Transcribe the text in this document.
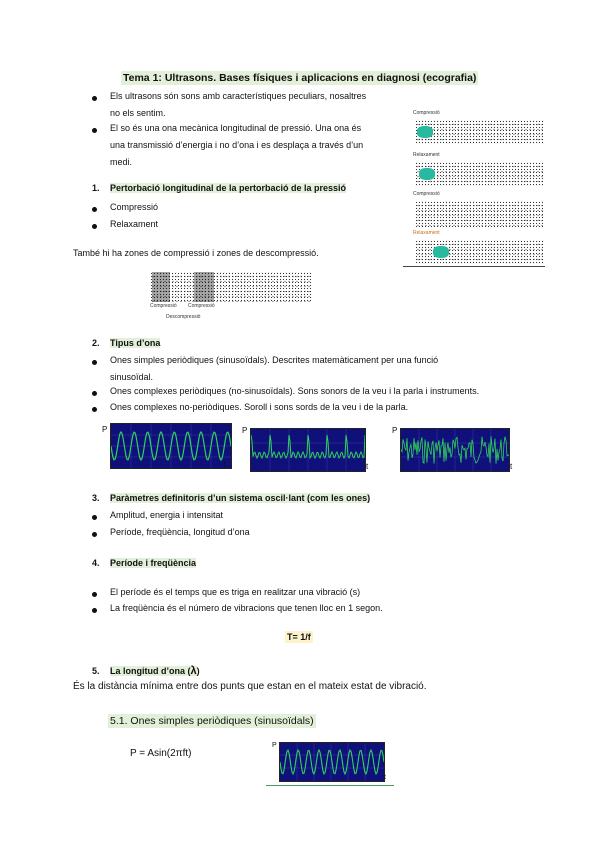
Tema 1: Ultrasons. Bases físiques i aplicacions en diagnosi (ecografia)
Els ultrasons són sons amb característiques peculiars, nosaltres
no els sentim.
El so és una ona mecànica longitudinal de pressió. Una ona és
una transmissió d’energia i no d’ona i es desplaça a través d’un
medi.
Compressió
Relaxament
Compressió
Relaxament
1. Pertorbació longitudinal de la pertorbació de la pressió
Compressió
Relaxament
També hi ha zones de compressió i zones de descompressió.
Compressió Compressió
Descompressió
2. Tipus d’ona
Ones simples periòdiques (sinusoïdals). Descrites matemàticament per una funció
sinusoïdal.
Ones complexes periòdiques (no-sinusoïdals). Sons sonors de la veu i la parla i instruments.
Ones complexes no-periòdiques. Soroll i sons sords de la veu i de la parla.
P
t
P
t
P
t
3. Paràmetres definitoris d’un sistema oscil·lant (com les ones)
Amplitud, energia i intensitat
Període, freqüència, longitud d’ona
4. Període i freqüència
El període és el temps que es triga en realitzar una vibració (s)
La freqüència és el número de vibracions que tenen lloc en 1 segon.
T= 1/f
5. La longitud d’ona (λ)
És la distància mínima entre dos punts que estan en el mateix estat de vibració.
5.1. Ones simples periòdiques (sinusoïdals)
P = Asin(2πft)
P
t
